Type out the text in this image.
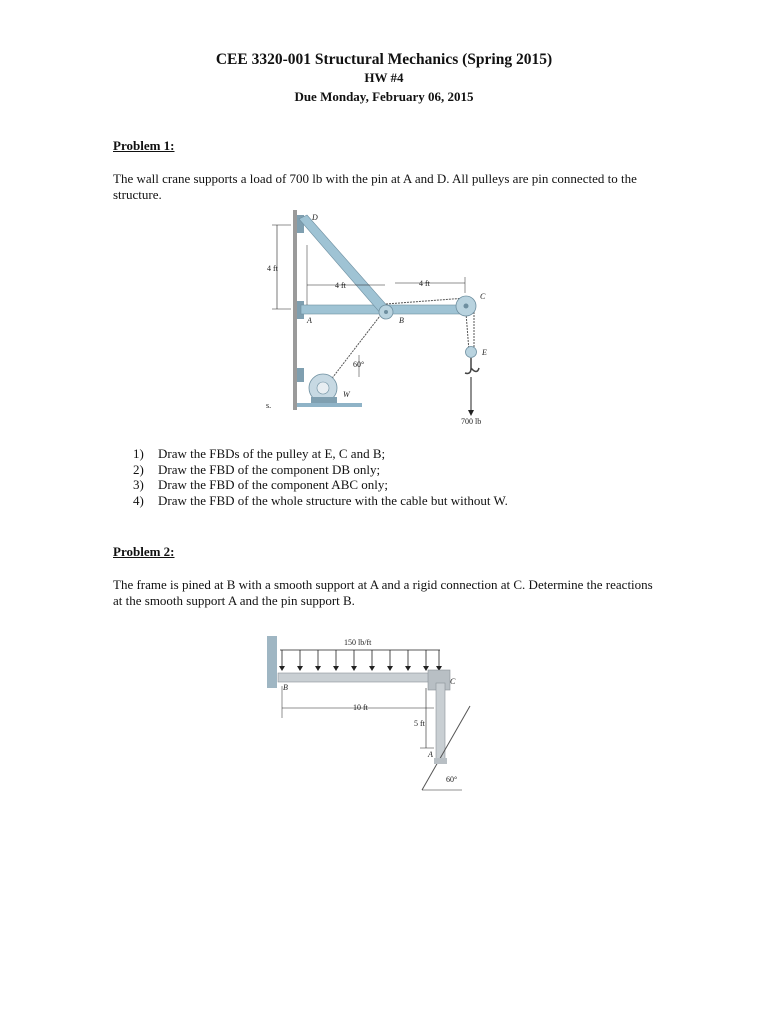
CEE 3320-001 Structural Mechanics (Spring 2015)
HW #4
Due Monday, February 06, 2015
Problem 1:
The wall crane supports a load of 700 lb with the pin at A and D. All pulleys are pin connected to the structure.
4 ft
4 ft	4 ft
60°
700 lb
D
A	B
C
E
W
s.
1)	Draw the FBDs of the pulley at E, C and B;
2)	Draw the FBD of the component DB only;
3)	Draw the FBD of the component ABC only;
4)	Draw the FBD of the whole structure with the cable but without W.
Problem 2:
The frame is pined at B with a smooth support at A and a rigid connection at C. Determine the reactions at the smooth support A and the pin support B.
150 lb/ft
10 ft
5 ft
60°
B
C
A
